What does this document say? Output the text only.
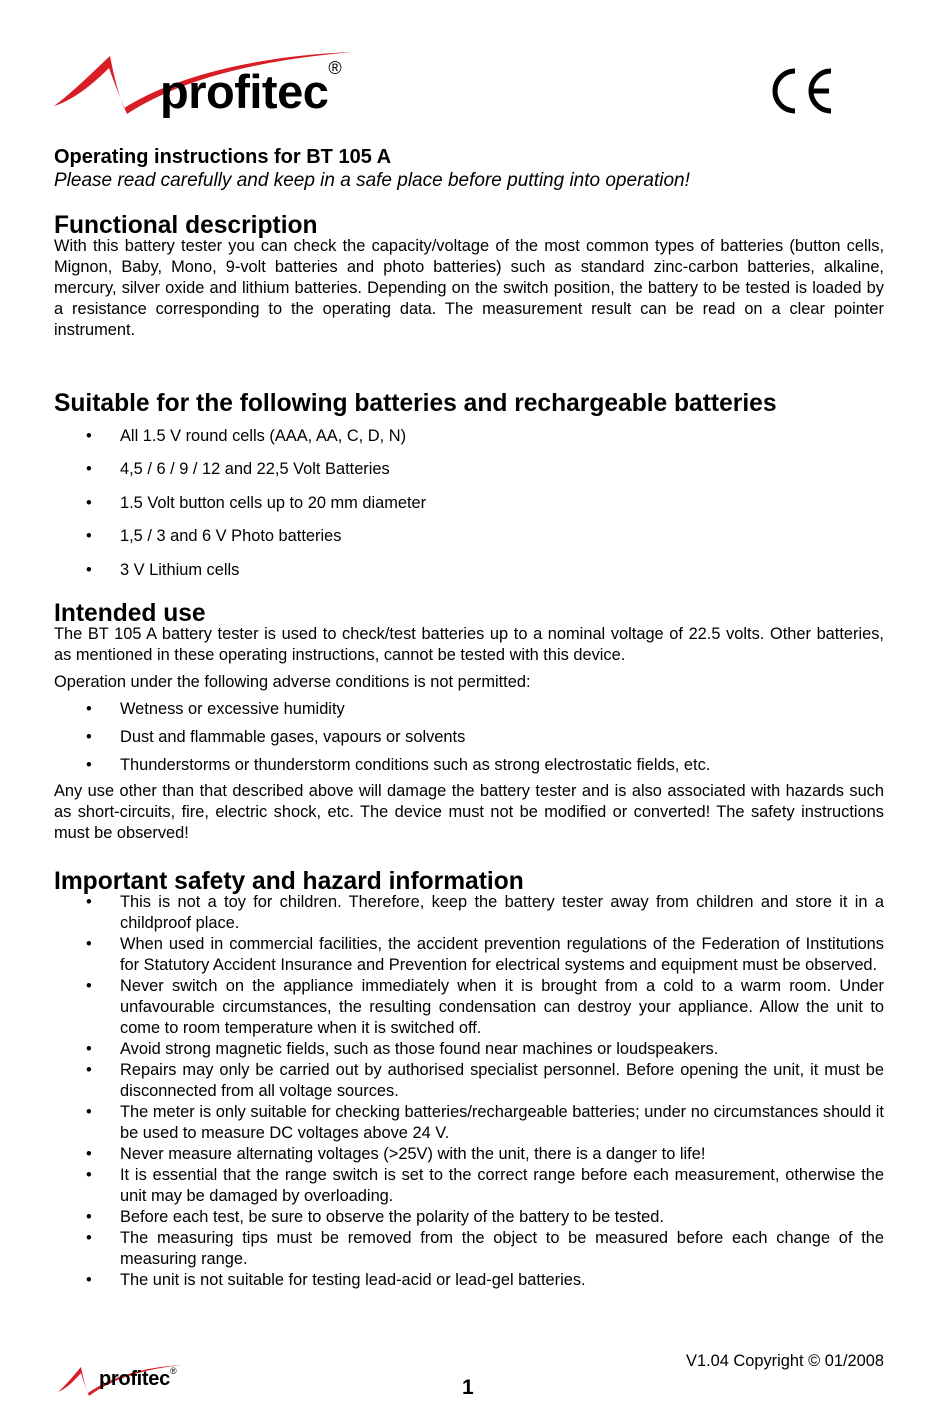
profitec®
Operating instructions for BT 105 A

Please read carefully and keep in a safe place before putting into operation!

Functional description

With this battery tester you can check the capacity/voltage of the most common types of batteries (button cells, Mignon, Baby, Mono, 9-volt batteries and photo batteries) such as standard zinc-carbon batteries, alkaline, mercury, silver oxide and lithium batteries. Depending on the switch position, the battery to be tested is loaded by a resistance corresponding to the operating data. The measurement result can be read on a clear pointer instrument.

Suitable for the following batteries and rechargeable batteries
• All 1.5 V round cells (AAA, AA, C, D, N)
• 4,5 / 6 / 9 / 12 and 22,5 Volt Batteries
• 1.5 Volt button cells up to 20 mm diameter
• 1,5 / 3 and 6 V Photo batteries
• 3 V Lithium cells
Intended use

The BT 105 A battery tester is used to check/test batteries up to a nominal voltage of 22.5 volts. Other batteries, as mentioned in these operating instructions, cannot be tested with this device.

Operation under the following adverse conditions is not permitted:

• Wetness or excessive humidity
• Dust and flammable gases, vapours or solvents
• Thunderstorms or thunderstorm conditions such as strong electrostatic fields, etc.

Any use other than that described above will damage the battery tester and is also associated with hazards such as short-circuits, fire, electric shock, etc. The device must not be modified or converted! The safety instructions must be observed!

Important safety and hazard information
• This is not a toy for children. Therefore, keep the battery tester away from children and store it in a childproof place.
• When used in commercial facilities, the accident prevention regulations of the Federation of Institutions for Statutory Accident Insurance and Prevention for electrical systems and equipment must be observed.
• Never switch on the appliance immediately when it is brought from a cold to a warm room. Under unfavourable circumstances, the resulting condensation can destroy your appliance. Allow the unit to come to room temperature when it is switched off.
• Avoid strong magnetic fields, such as those found near machines or loudspeakers.
• Repairs may only be carried out by authorised specialist personnel. Before opening the unit, it must be disconnected from all voltage sources.
• The meter is only suitable for checking batteries/rechargeable batteries; under no circumstances should it be used to measure DC voltages above 24 V.
• Never measure alternating voltages (>25V) with the unit, there is a danger to life!
• It is essential that the range switch is set to the correct range before each measurement, otherwise the unit may be damaged by overloading.
• Before each test, be sure to observe the polarity of the battery to be tested.
• The measuring tips must be removed from the object to be measured before each change of the measuring range.
• The unit is not suitable for testing lead-acid or lead-gel batteries.
profitec®
V1.04 Copyright © 01/2008
1
